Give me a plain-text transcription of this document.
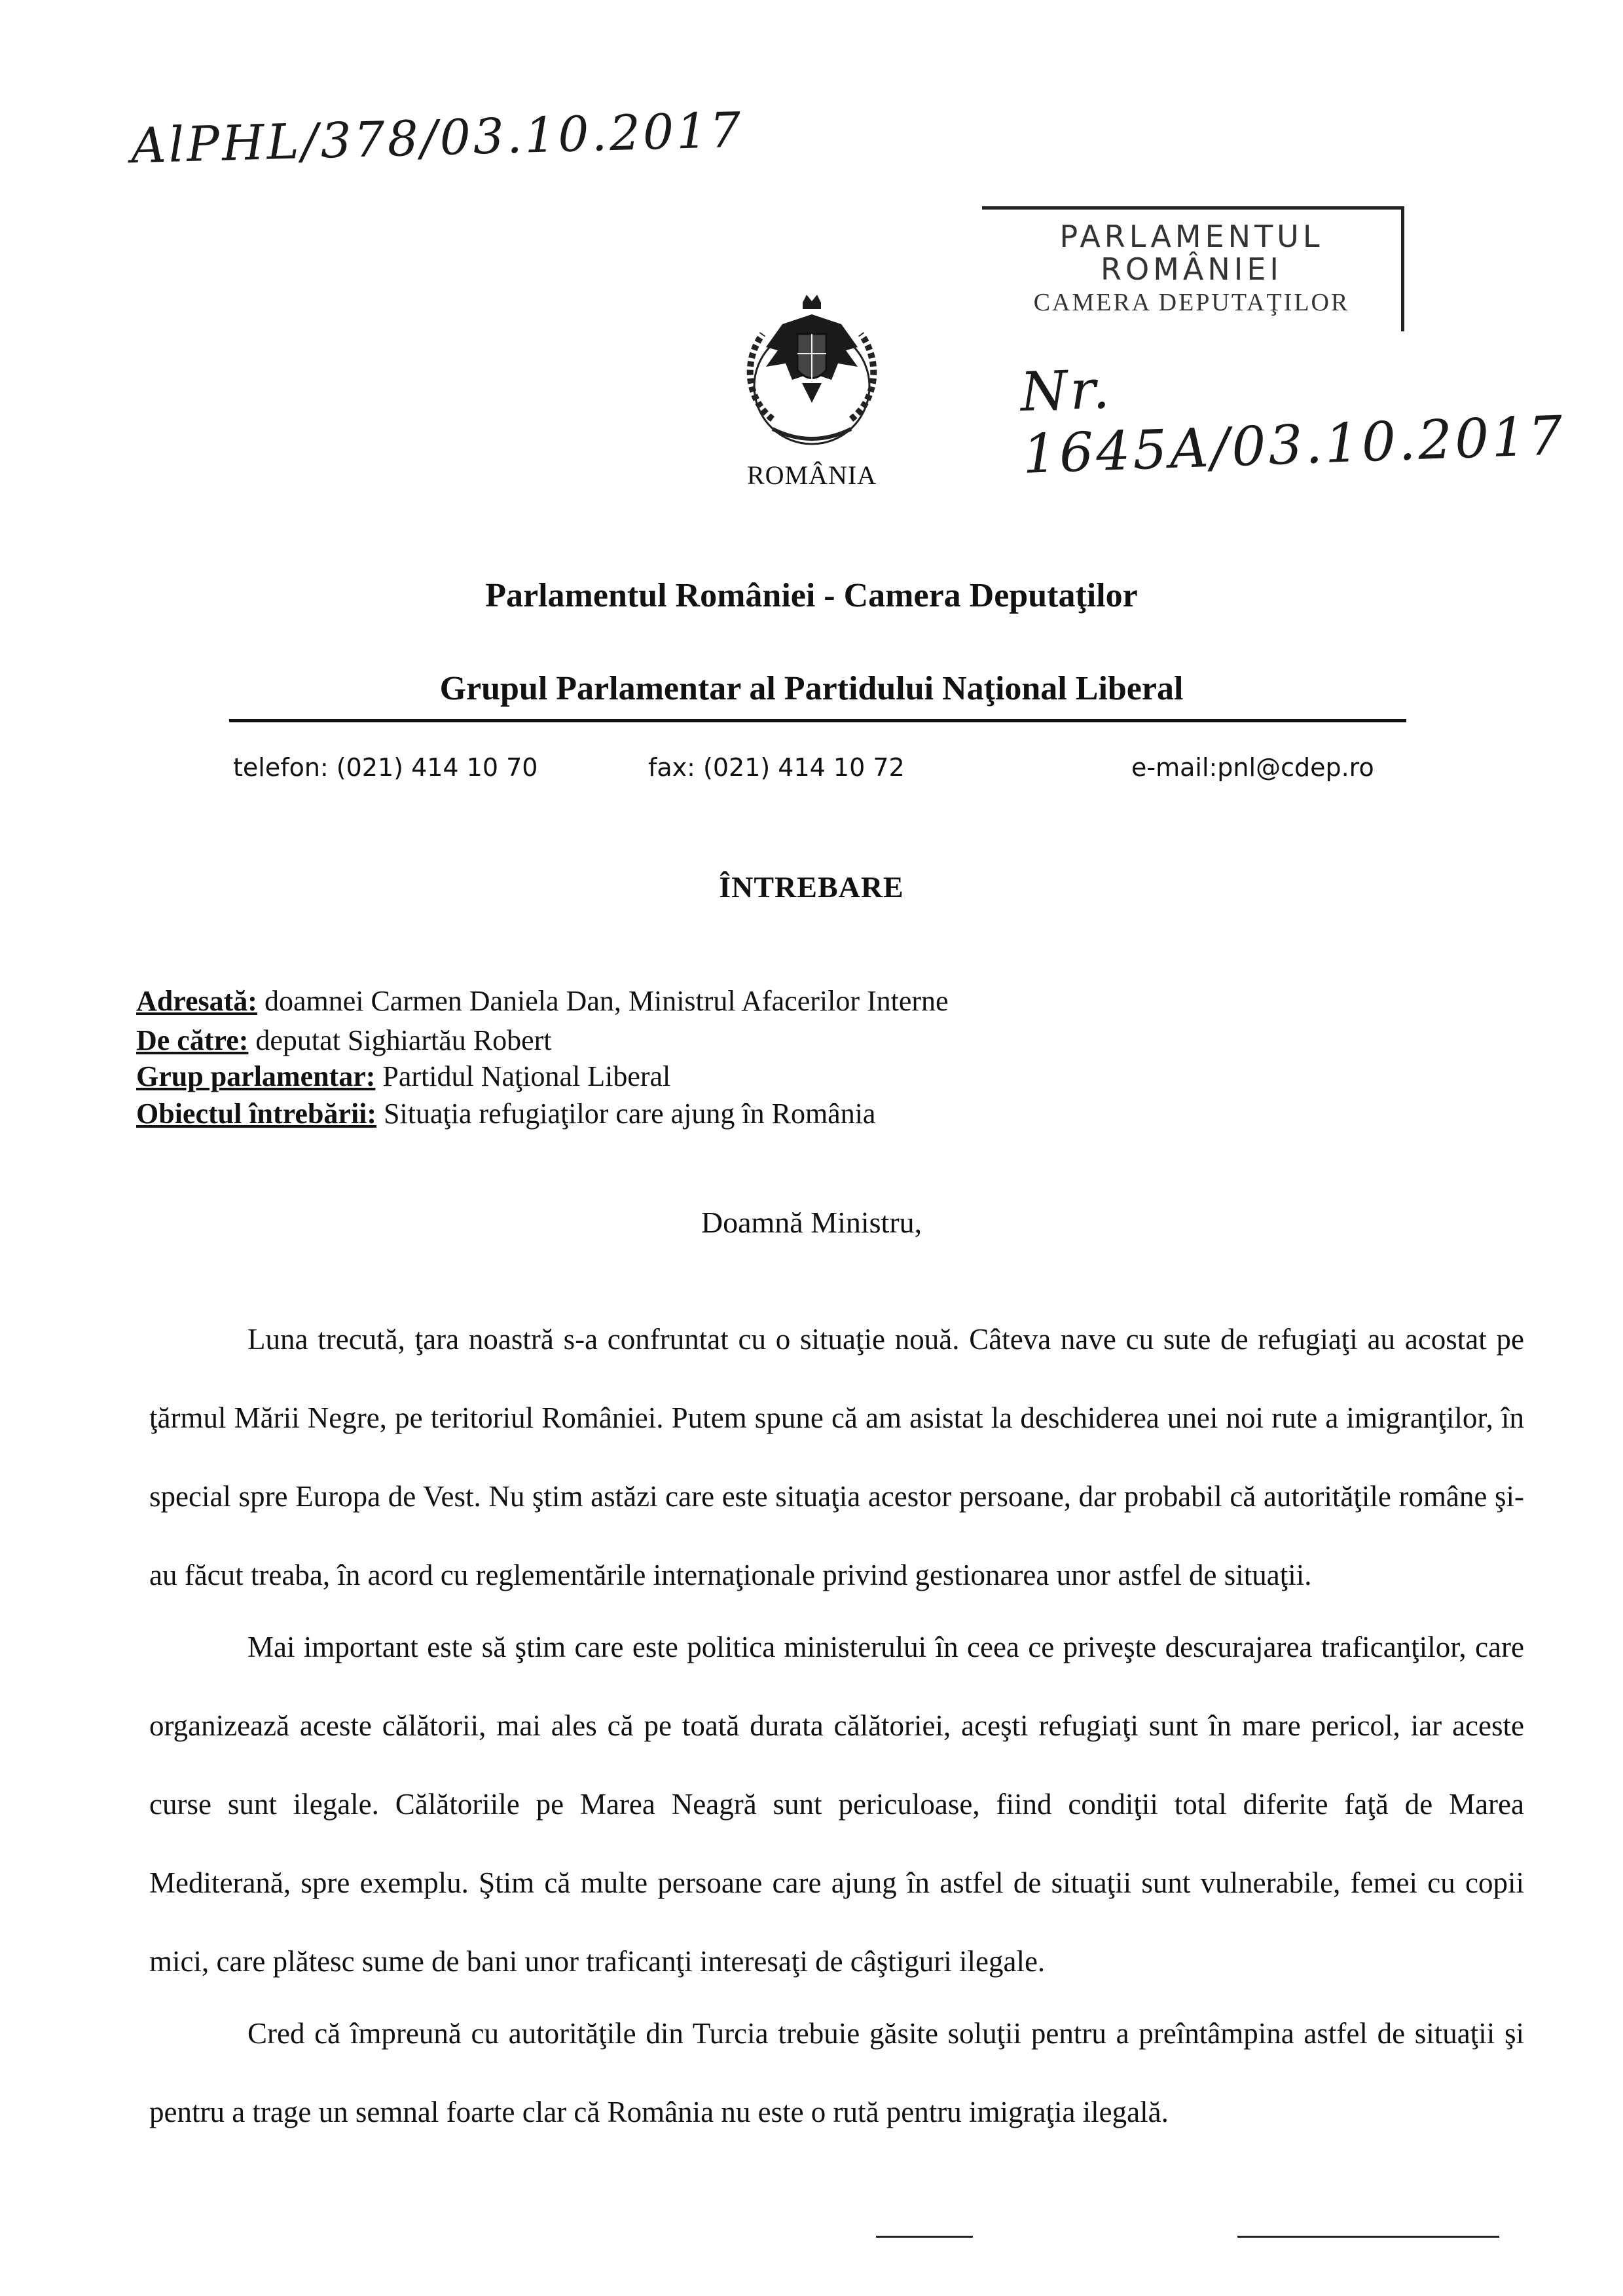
AlPHL/378/03.10.2017
Nr. 1645A/03.10.2017
PARLAMENTUL
ROMÂNIEI
CAMERA DEPUTAŢILOR
ROMÂNIA
Parlamentul României - Camera Deputaţilor
Grupul Parlamentar al Partidului Naţional Liberal
telefon: (021) 414 10 70	fax: (021) 414 10 72	e-mail:pnl@cdep.ro
ÎNTREBARE
Adresată: doamnei Carmen Daniela Dan, Ministrul Afacerilor Interne
De către: deputat Sighiartău Robert
Grup parlamentar: Partidul Naţional Liberal
Obiectul întrebării: Situaţia refugiaţilor care ajung în România
Doamnă Ministru,

Luna trecută, ţara noastră s-a confruntat cu o situaţie nouă. Câteva nave cu sute de refugiaţi au acostat pe ţărmul Mării Negre, pe teritoriul României. Putem spune că am asistat la deschiderea unei noi rute a imigranţilor, în special spre Europa de Vest. Nu ştim astăzi care este situaţia acestor persoane, dar probabil că autorităţile române şi-au făcut treaba, în acord cu reglementările internaţionale privind gestionarea unor astfel de situaţii.

Mai important este să ştim care este politica ministerului în ceea ce priveşte descurajarea traficanţilor, care organizează aceste călătorii, mai ales că pe toată durata călătoriei, aceşti refugiaţi sunt în mare pericol, iar aceste curse sunt ilegale. Călătoriile pe Marea Neagră sunt periculoase, fiind condiţii total diferite faţă de Marea Mediterană, spre exemplu. Ştim că multe persoane care ajung în astfel de situaţii sunt vulnerabile, femei cu copii mici, care plătesc sume de bani unor traficanţi interesaţi de câştiguri ilegale.

Cred că împreună cu autorităţile din Turcia trebuie găsite soluţii pentru a preîntâmpina astfel de situaţii şi pentru a trage un semnal foarte clar că România nu este o rută pentru imigraţia ilegală.
